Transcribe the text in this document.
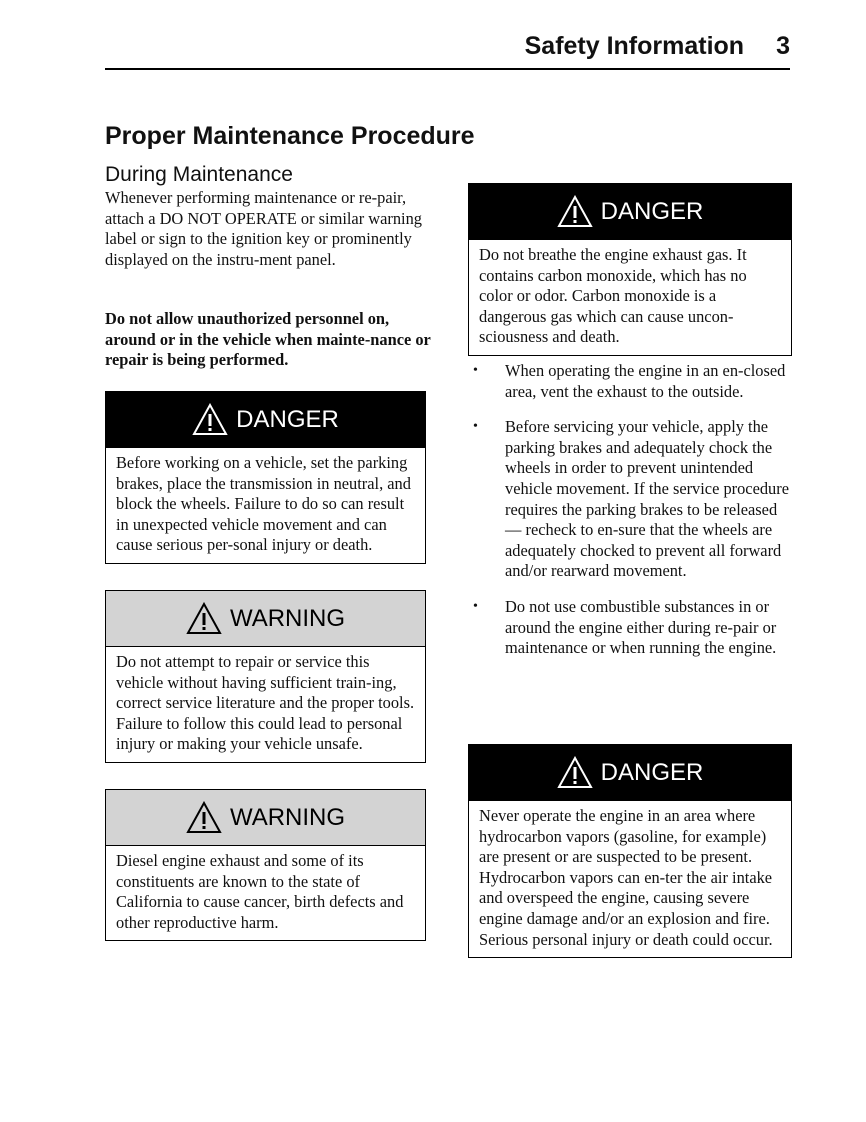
Safety Information 3
Proper Maintenance Procedure
During Maintenance

Whenever performing maintenance or re-pair, attach a DO NOT OPERATE or similar warning label or sign to the ignition key or prominently displayed on the instru-ment panel.

Do not allow unauthorized personnel on, around or in the vehicle when mainte-nance or repair is being performed.

DANGER
Before working on a vehicle, set the parking brakes, place the transmission in neutral, and block the wheels. Failure to do so can result in unexpected vehicle movement and can cause serious per-sonal injury or death.
WARNING
Do not attempt to repair or service this vehicle without having sufficient train-ing, correct service literature and the proper tools. Failure to follow this could lead to personal injury or making your vehicle unsafe.
WARNING
Diesel engine exhaust and some of its constituents are known to the state of California to cause cancer, birth defects and other reproductive harm.
DANGER
Do not breathe the engine exhaust gas. It contains carbon monoxide, which has no color or odor. Carbon monoxide is a dangerous gas which can cause uncon-sciousness and death.
• When operating the engine in an en-closed area, vent the exhaust to the outside.
• Before servicing your vehicle, apply the parking brakes and adequately chock the wheels in order to prevent unintended vehicle movement. If the service procedure requires the parking brakes to be released — recheck to en-sure that the wheels are adequately chocked to prevent all forward and/or rearward movement.
• Do not use combustible substances in or around the engine either during re-pair or maintenance or when running the engine.
DANGER
Never operate the engine in an area where hydrocarbon vapors (gasoline, for example) are present or are suspected to be present. Hydrocarbon vapors can en-ter the air intake and overspeed the engine, causing severe engine damage and/or an explosion and fire. Serious personal injury or death could occur.
